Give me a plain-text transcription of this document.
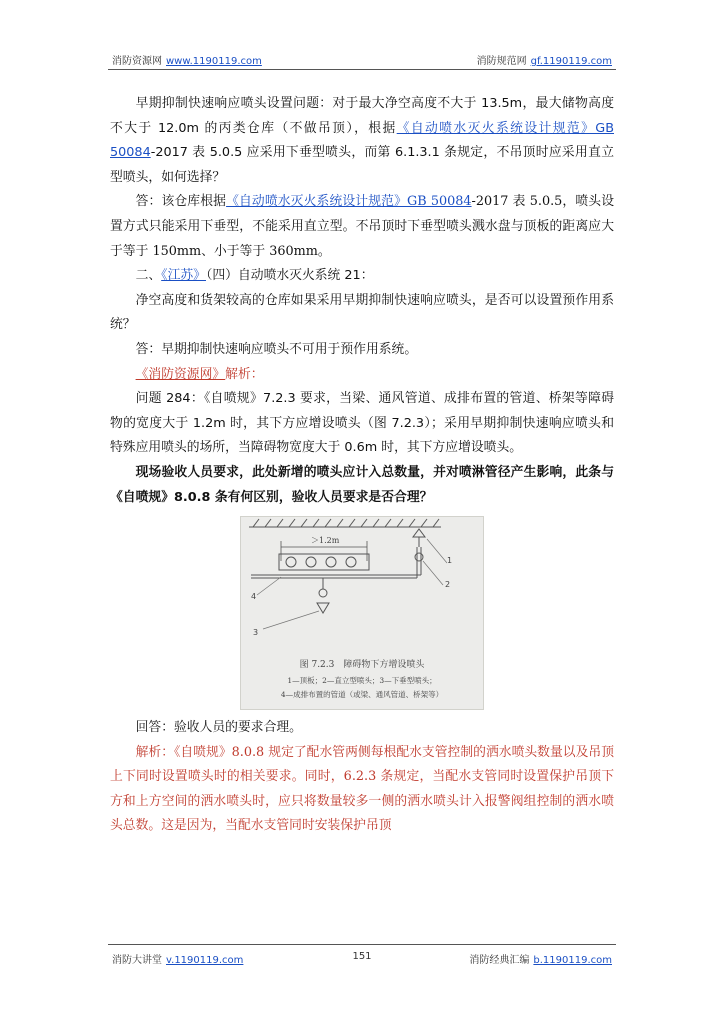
消防资源网 www.1190119.com	消防规范网 gf.1190119.com

早期抑制快速响应喷头设置问题：对于最大净空高度不大于 13.5m，最大储物高度不大于 12.0m 的丙类仓库（不做吊顶），根据《自动喷水灭火系统设计规范》GB 50084-2017 表 5.0.5 应采用下垂型喷头，而第 6.1.3.1 条规定，不吊顶时应采用直立型喷头，如何选择？

答：该仓库根据《自动喷水灭火系统设计规范》GB 50084-2017 表 5.0.5，喷头设置方式只能采用下垂型，不能采用直立型。不吊顶时下垂型喷头溅水盘与顶板的距离应大于等于 150mm、小于等于 360mm。

二、《江苏》（四）自动喷水灭火系统 21：

净空高度和货架较高的仓库如果采用早期抑制快速响应喷头，是否可以设置预作用系统？

答：早期抑制快速响应喷头不可用于预作用系统。

《消防资源网》解析：

问题 284：《自喷规》7.2.3 要求，当梁、通风管道、成排布置的管道、桥架等障碍物的宽度大于 1.2m 时，其下方应增设喷头（图 7.2.3）；采用早期抑制快速响应喷头和特殊应用喷头的场所，当障碍物宽度大于 0.6m 时，其下方应增设喷头。

现场验收人员要求，此处新增的喷头应计入总数量，并对喷淋管径产生影响，此条与《自喷规》8.0.8 条有何区别，验收人员要求是否合理？

＞1.2m
1
2
3
4
图 7.2.3　障碍物下方增设喷头
1—顶板；2—直立型喷头；3—下垂型喷头；
4—成排布置的管道（或梁、通风管道、桥架等）

回答：验收人员的要求合理。

解析：《自喷规》8.0.8 规定了配水管两侧每根配水支管控制的洒水喷头数量以及吊顶上下同时设置喷头时的相关要求。同时，6.2.3 条规定，当配水支管同时设置保护吊顶下方和上方空间的洒水喷头时，应只将数量较多一侧的洒水喷头计入报警阀组控制的洒水喷头总数。这是因为，当配水支管同时安装保护吊顶

消防大讲堂 v.1190119.com	151	消防经典汇编 b.1190119.com
